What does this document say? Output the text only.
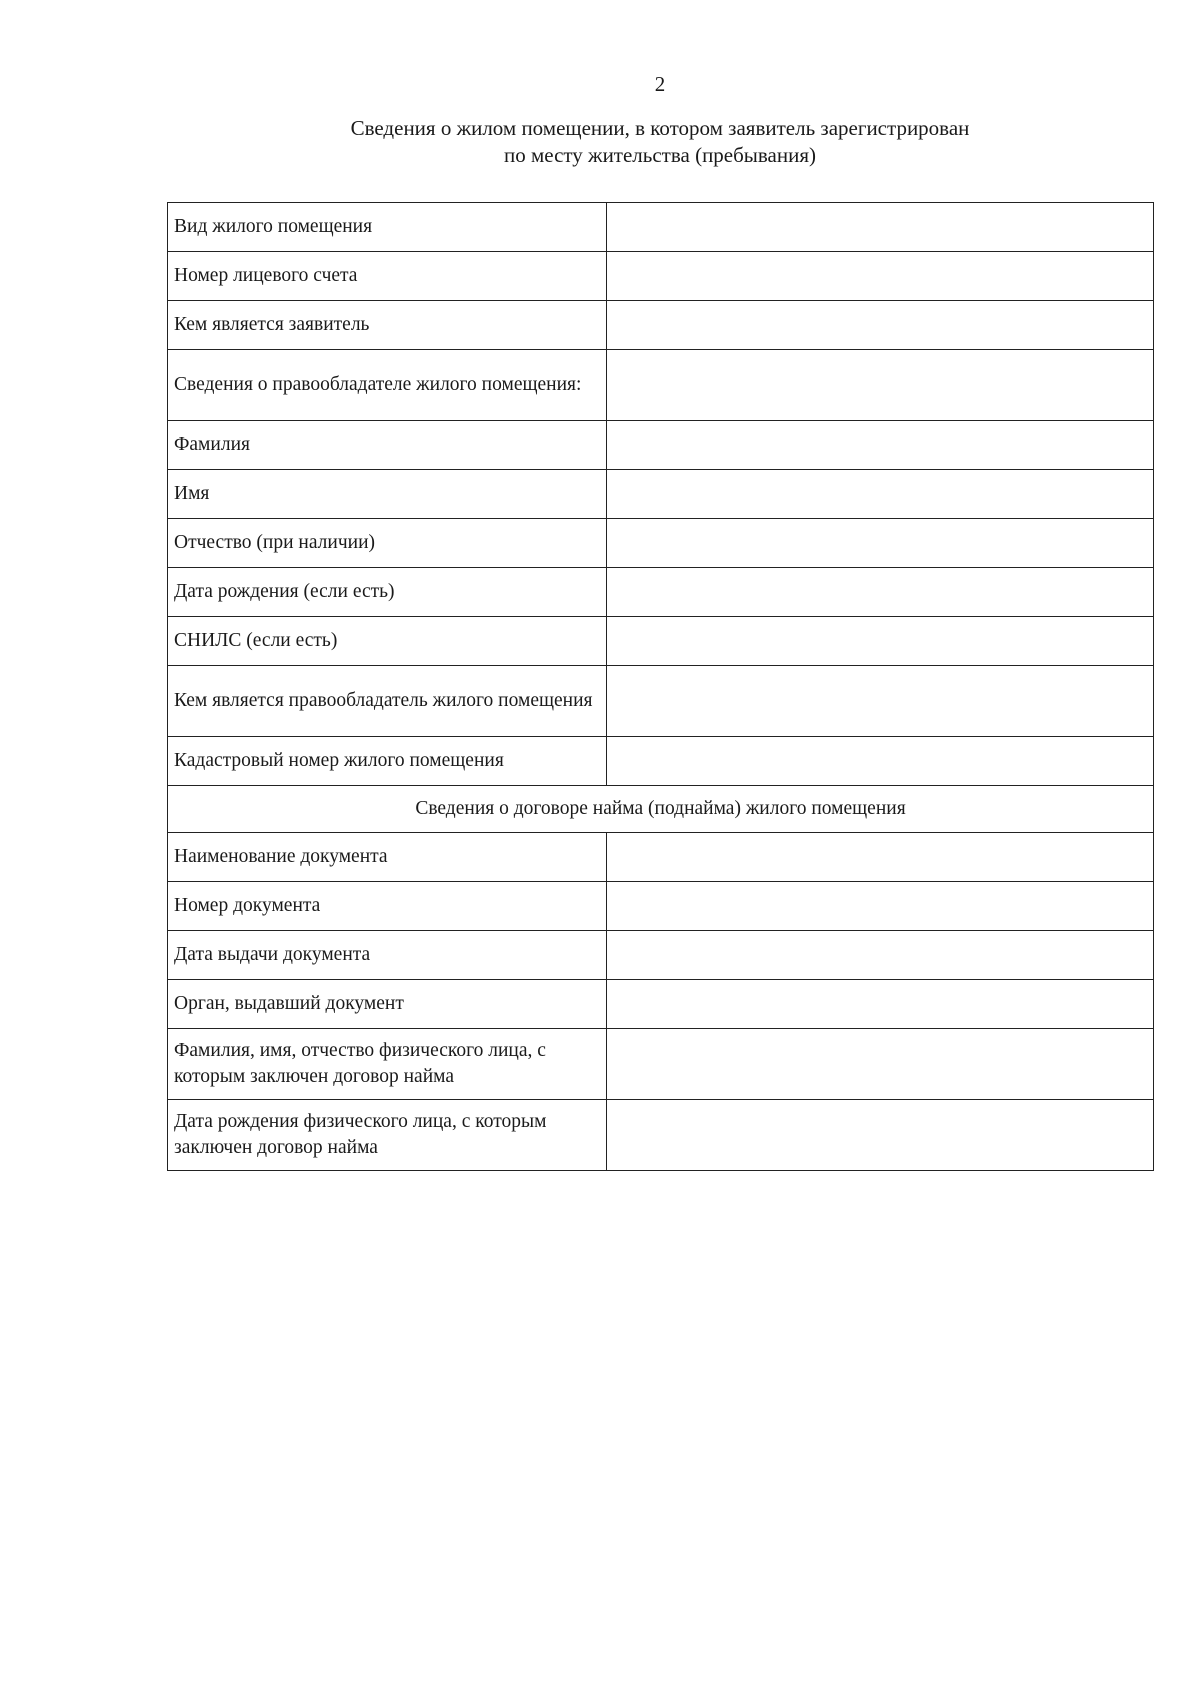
2
Сведения о жилом помещении, в котором заявитель зарегистрирован
по месту жительства (пребывания)
Вид жилого помещения	
Номер лицевого счета	
Кем является заявитель	
Сведения о правообладателе жилого помещения:	
Фамилия	
Имя	
Отчество (при наличии)	
Дата рождения (если есть)	
СНИЛС (если есть)	
Кем является правообладатель жилого помещения	
Кадастровый номер жилого помещения	
Сведения о договоре найма (поднайма) жилого помещения	
Наименование документа	
Номер документа	
Дата выдачи документа	
Орган, выдавший документ	
Фамилия, имя, отчество физического лица, с которым заключен договор найма	
Дата рождения физического лица, с которым заключен договор найма	
